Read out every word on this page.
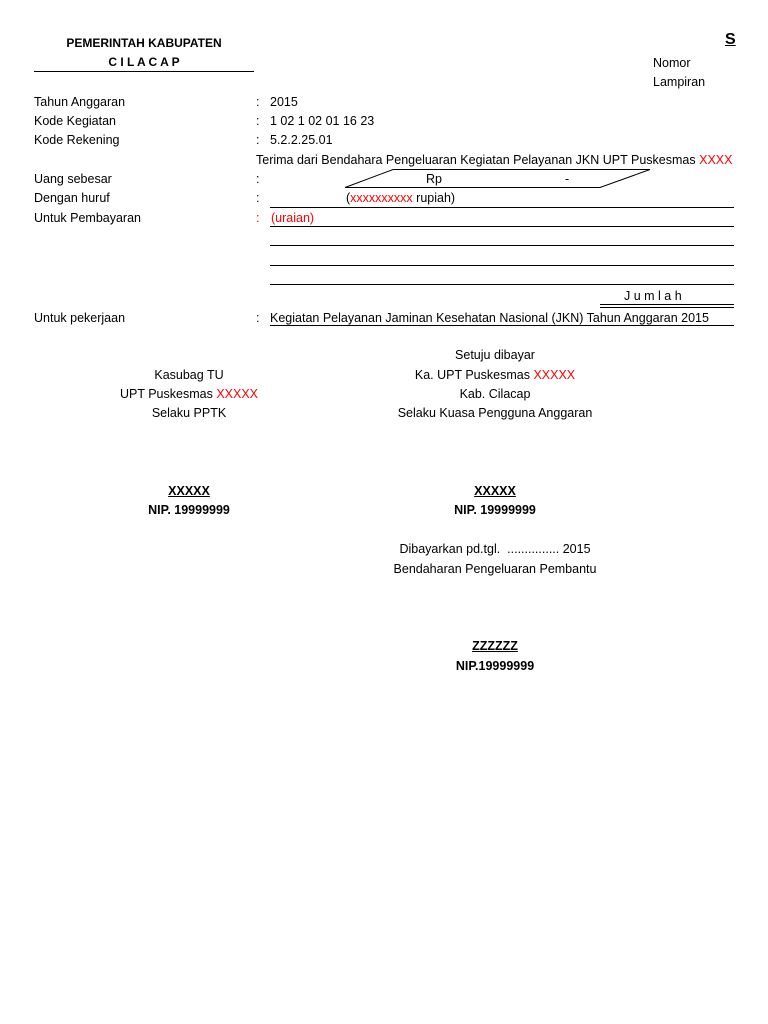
PEMERINTAH KABUPATEN
C I L A C A P
S
Nomor
Lampiran
Tahun Anggaran	: 2015
Kode Kegiatan	: 1 02 1 02 01 16 23
Kode Rekening	: 5.2.2.25.01
Terima dari Bendahara Pengeluaran Kegiatan Pelayanan JKN UPT Puskesmas XXXX
Uang sebesar	:	Rp	-
Dengan huruf	:	(xxxxxxxxxx rupiah)
Untuk Pembayaran	: (uraian)
J u m l a h
Untuk pekerjaan	: Kegiatan Pelayanan Jaminan Kesehatan Nasional (JKN) Tahun Anggaran 2015
Kasubag TU
UPT Puskesmas XXXXX
Selaku PPTK
XXXXX
NIP. 19999999
Setuju dibayar
Ka. UPT Puskesmas XXXXX
Kab. Cilacap
Selaku Kuasa Pengguna Anggaran
XXXXX
NIP. 19999999
Dibayarkan pd.tgl.  ............... 2015
Bendaharan Pengeluaran Pembantu
ZZZZZZ
NIP.19999999
